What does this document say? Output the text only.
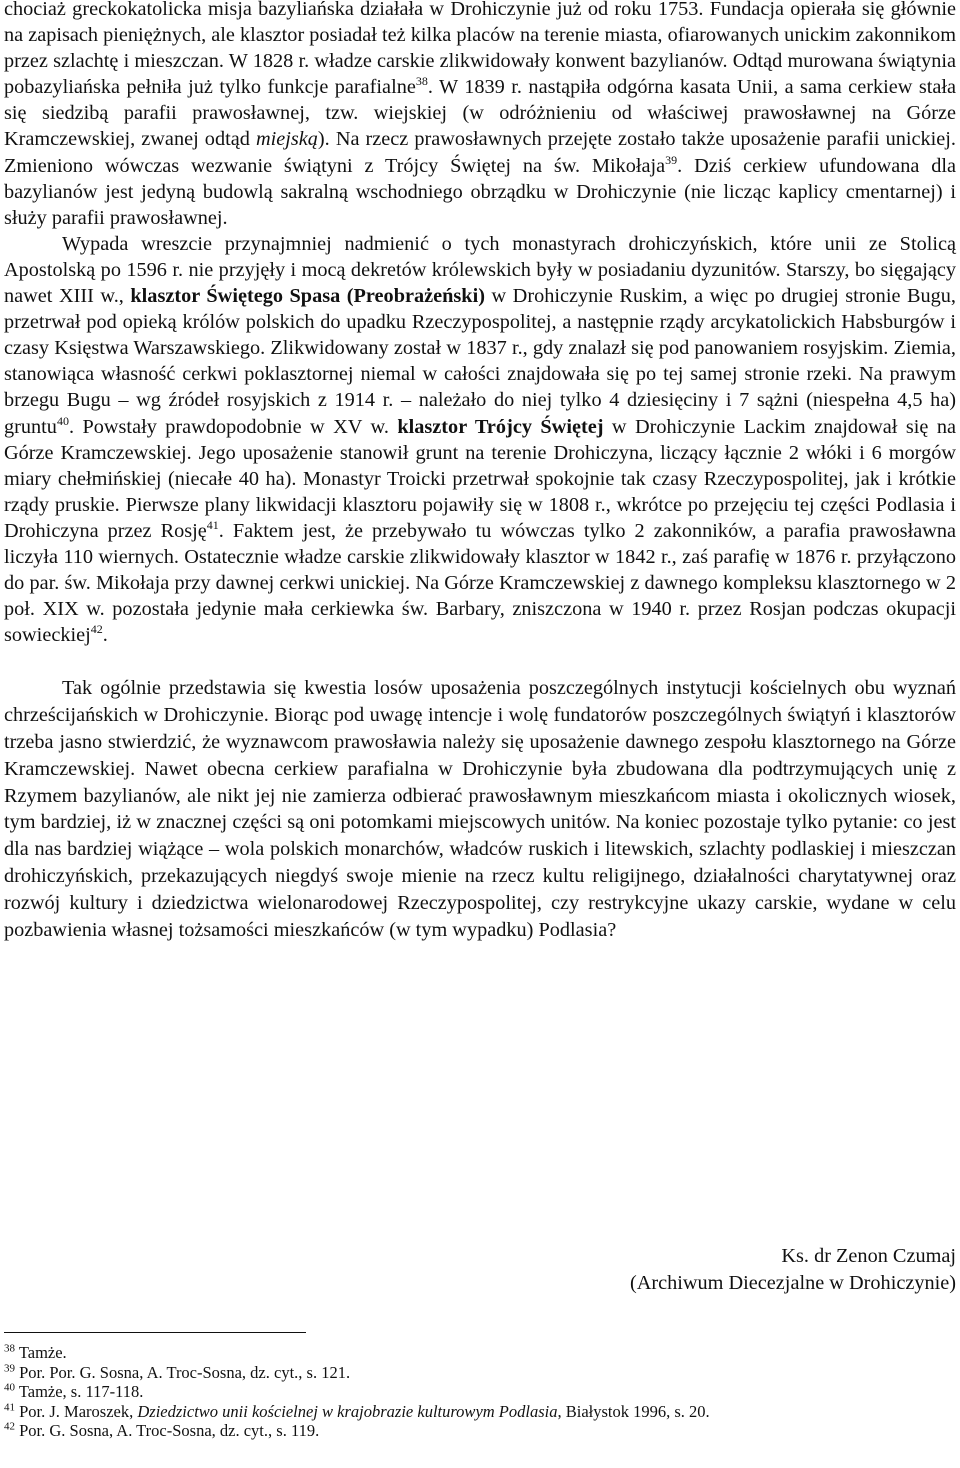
chociaż greckokatolicka misja bazyliańska działała w Drohiczynie już od roku 1753. Fundacja opierała się głównie na zapisach pieniężnych, ale klasztor posiadał też kilka placów na terenie miasta, ofiarowanych unickim zakonnikom przez szlachtę i mieszczan. W 1828 r. władze carskie zlikwidowały konwent bazylianów. Odtąd murowana świątynia pobazyliańska pełniła już tylko funkcje parafialne$^{38}$. W 1839 r. nastąpiła odgórna kasata Unii, a sama cerkiew stała się siedzibą parafii prawosławnej, tzw. wiejskiej (w odróżnieniu od właściwej prawosławnej na Górze Kramczewskiej, zwanej odtąd miejską). Na rzecz prawosławnych przejęte zostało także uposażenie parafii unickiej. Zmieniono wówczas wezwanie świątyni z Trójcy Świętej na św. Mikołaja$^{39}$. Dziś cerkiew ufundowana dla bazylianów jest jedyną budowlą sakralną wschodniego obrządku w Drohiczynie (nie licząc kaplicy cmentarnej) i służy parafii prawosławnej.

Wypada wreszcie przynajmniej nadmienić o tych monastyrach drohiczyńskich, które unii ze Stolicą Apostolską po 1596 r. nie przyjęły i mocą dekretów królewskich były w posiadaniu dyzunitów. Starszy, bo sięgający nawet XIII w., klasztor Świętego Spasa (Preobrażeński) w Drohiczynie Ruskim, a więc po drugiej stronie Bugu, przetrwał pod opieką królów polskich do upadku Rzeczypospolitej, a następnie rządy arcykatolickich Habsburgów i czasy Księstwa Warszawskiego. Zlikwidowany został w 1837 r., gdy znalazł się pod panowaniem rosyjskim. Ziemia, stanowiąca własność cerkwi poklasztornej niemal w całości znajdowała się po tej samej stronie rzeki. Na prawym brzegu Bugu – wg źródeł rosyjskich z 1914 r. – należało do niej tylko 4 dziesięciny i 7 sążni (niespełna 4,5 ha) gruntu$^{40}$. Powstały prawdopodobnie w XV w. klasztor Trójcy Świętej w Drohiczynie Lackim znajdował się na Górze Kramczewskiej. Jego uposażenie stanowił grunt na terenie Drohiczyna, liczący łącznie 2 włóki i 6 morgów miary chełmińskiej (niecałe 40 ha). Monastyr Troicki przetrwał spokojnie tak czasy Rzeczypospolitej, jak i krótkie rządy pruskie. Pierwsze plany likwidacji klasztoru pojawiły się w 1808 r., wkrótce po przejęciu tej części Podlasia i Drohiczyna przez Rosję$^{41}$. Faktem jest, że przebywało tu wówczas tylko 2 zakonników, a parafia prawosławna liczyła 110 wiernych. Ostatecznie władze carskie zlikwidowały klasztor w 1842 r., zaś parafię w 1876 r. przyłączono do par. św. Mikołaja przy dawnej cerkwi unickiej. Na Górze Kramczewskiej z dawnego kompleksu klasztornego w 2 poł. XIX w. pozostała jedynie mała cerkiewka św. Barbary, zniszczona w 1940 r. przez Rosjan podczas okupacji sowieckiej$^{42}$.

Tak ogólnie przedstawia się kwestia losów uposażenia poszczególnych instytucji kościelnych obu wyznań chrześcijańskich w Drohiczynie. Biorąc pod uwagę intencje i wolę fundatorów poszczególnych świątyń i klasztorów trzeba jasno stwierdzić, że wyznawcom prawosławia należy się uposażenie dawnego zespołu klasztornego na Górze Kramczewskiej. Nawet obecna cerkiew parafialna w Drohiczynie była zbudowana dla podtrzymujących unię z Rzymem bazylianów, ale nikt jej nie zamierza odbierać prawosławnym mieszkańcom miasta i okolicznych wiosek, tym bardziej, iż w znacznej części są oni potomkami miejscowych unitów. Na koniec pozostaje tylko pytanie: co jest dla nas bardziej wiążące – wola polskich monarchów, władców ruskich i litewskich, szlachty podlaskiej i mieszczan drohiczyńskich, przekazujących niegdyś swoje mienie na rzecz kultu religijnego, działalności charytatywnej oraz rozwój kultury i dziedzictwa wielonarodowej Rzeczypospolitej, czy restrykcyjne ukazy carskie, wydane w celu pozbawienia własnej tożsamości mieszkańców (w tym wypadku) Podlasia?

Ks. dr Zenon Czumaj
(Archiwum Diecezjalne w Drohiczynie)
$^{38}$ Tamże.
$^{39}$ Por. Por. G. Sosna, A. Troc-Sosna, dz. cyt., s. 121.
$^{40}$ Tamże, s. 117-118.
$^{41}$ Por. J. Maroszek, Dziedzictwo unii kościelnej w krajobrazie kulturowym Podlasia, Białystok 1996, s. 20.
$^{42}$ Por. G. Sosna, A. Troc-Sosna, dz. cyt., s. 119.
